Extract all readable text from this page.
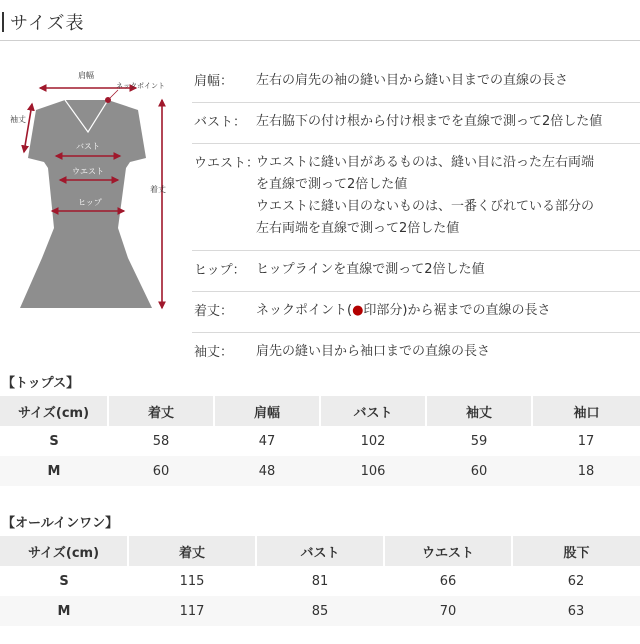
サイズ表
肩幅
ネックポイント
袖丈
バスト
ウエスト
ヒップ
着丈
肩幅： 左右の肩先の袖の縫い目から縫い目までの直線の長さ
バスト： 左右脇下の付け根から付け根までを直線で測って2倍した値
ウエスト：
ウエストに縫い目があるものは、縫い目に沿った左右両端
を直線で測って2倍した値
ウエストに縫い目のないものは、一番くびれている部分の
左右両端を直線で測って2倍した値
ヒップ： ヒップラインを直線で測って2倍した値
着丈： ネックポイント(●印部分)から裾までの直線の長さ
袖丈： 肩先の縫い目から袖口までの直線の長さ
【トップス】
サイズ(cm)	着丈	肩幅	バスト	袖丈	袖口
S	58	47	102	59	17
M	60	48	106	60	18
【オールインワン】
サイズ(cm)	着丈	バスト	ウエスト	股下
S	115	81	66	62
M	117	85	70	63
